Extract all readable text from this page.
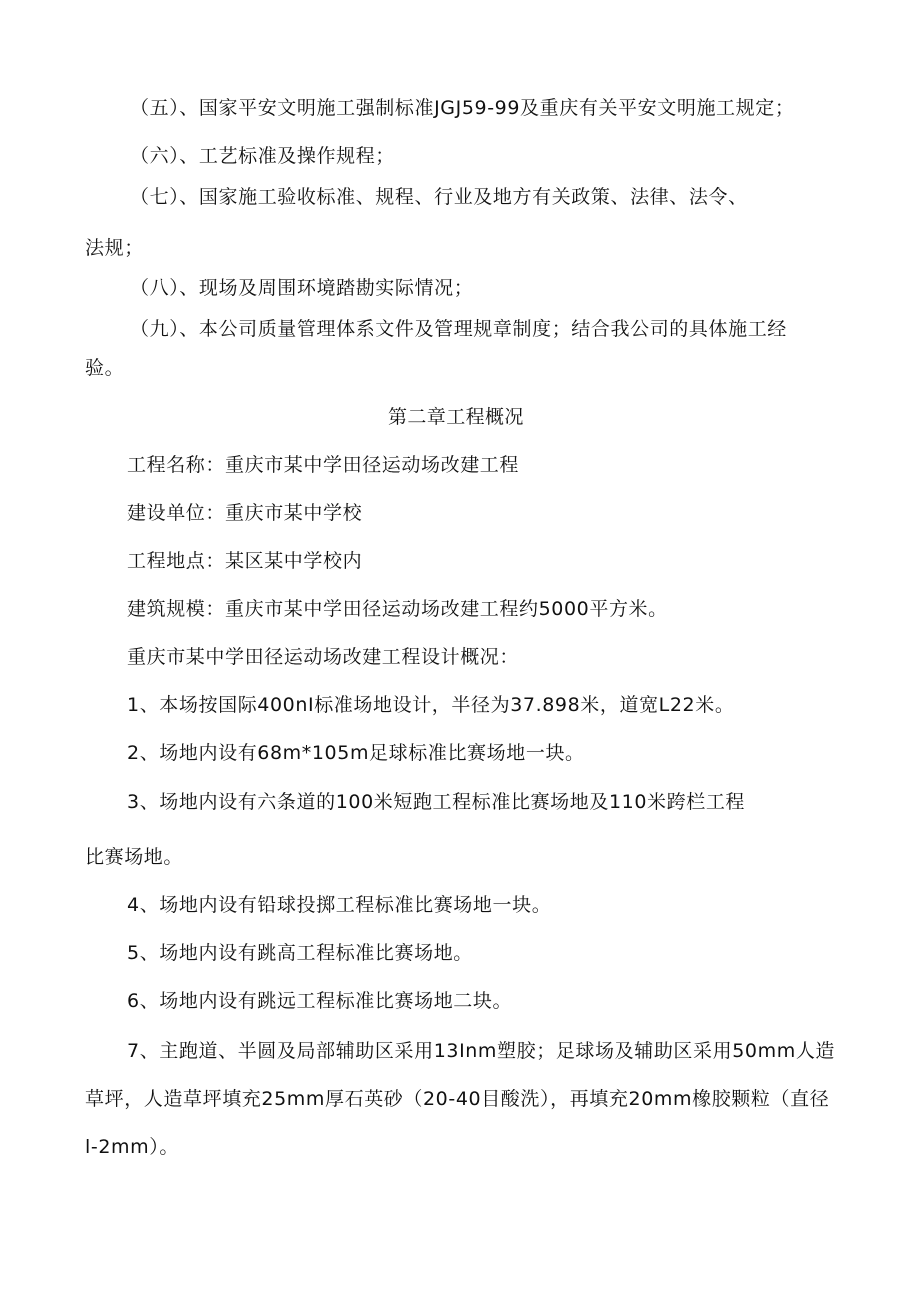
（五）、国家平安文明施工强制标准JGJ59-99及重庆有关平安文明施工规定；

（六）、工艺标准及操作规程；

（七）、国家施工验收标准、规程、行业及地方有关政策、法律、法令、

法规；

（八）、现场及周围环境踏勘实际情况；

（九）、本公司质量管理体系文件及管理规章制度；结合我公司的具体施工经

验。

第二章工程概况

工程名称：重庆市某中学田径运动场改建工程

建设单位：重庆市某中学校

工程地点：某区某中学校内

建筑规模：重庆市某中学田径运动场改建工程约5000平方米。

重庆市某中学田径运动场改建工程设计概况：

1、本场按国际400nI标准场地设计，半径为37.898米，道宽L22米。

2、场地内设有68m*105m足球标准比赛场地一块。

3、场地内设有六条道的100米短跑工程标准比赛场地及110米跨栏工程

比赛场地。

4、场地内设有铅球投掷工程标准比赛场地一块。

5、场地内设有跳高工程标准比赛场地。

6、场地内设有跳远工程标准比赛场地二块。

7、主跑道、半圆及局部辅助区采用13Inm塑胶；足球场及辅助区采用50mm人造

草坪，人造草坪填充25mm厚石英砂（20-40目酸洗），再填充20mm橡胶颗粒（直径

l-2mm）。
